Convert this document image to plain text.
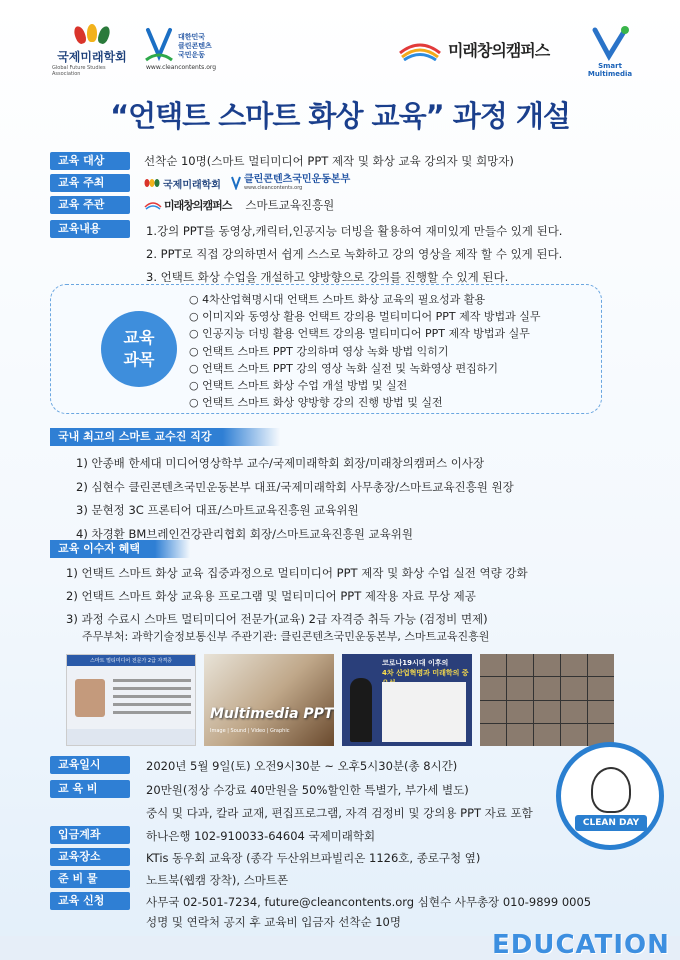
국제미래학회
Global Future Studies Association
대한민국
클린콘텐츠
국민운동
www.cleancontents.org
미래창의캠퍼스
Smart
Multimedia
“언택트 스마트 화상 교육” 과정 개설
교육 대상	선착순 10명(스마트 멀티미디어 PPT 제작 및 화상 교육 강의자 및 희망자)
교육 주최	국제미래학회 클린콘텐츠국민운동본부
www.cleancontents.org
교육 주관	미래창의캠퍼스 스마트교육진흥원
교육내용	1.강의 PPT를 동영상,캐릭터,인공지능 더빙을 활용하여 재미있게 만들수 있게 된다.
2. PPT로 직접 강의하면서 쉽게 스스로 녹화하고 강의 영상을 제작 할 수 있게 된다.
3. 언택트 화상 수업을 개설하고 양방향으로 강의를 진행할 수 있게 된다.
교육
과목
○ 4차산업혁명시대 언택트 스마트 화상 교육의 필요성과 활용
○ 이미지와 동영상 활용 언택트 강의용 멀티미디어 PPT 제작 방법과 실무
○ 인공지능 더빙 활용 언택트 강의용 멀티미디어 PPT 제작 방법과 실무
○ 언택트 스마트 PPT 강의하며 영상 녹화 방법 익히기
○ 언택트 스마트 PPT 강의 영상 녹화 실전 및 녹화영상 편집하기
○ 언택트 스마트 화상 수업 개설 방법 및 실전
○ 언택트 스마트 화상 양방향 강의 진행 방법 및 실전
국내 최고의 스마트 교수진 직강
1) 안종배 한세대 미디어영상학부 교수/국제미래학회 회장/미래창의캠퍼스 이사장
2) 심현수 클린콘텐츠국민운동본부 대표/국제미래학회 사무총장/스마트교육진흥원 원장
3) 문현정 3C 프론티어 대표/스마트교육진흥원 교육위원
4) 차경환 BM브레인건강관리협회 회장/스마트교육진흥원 교육위원
교육 이수자 혜택
1) 언택트 스마트 화상 교육 집중과정으로 멀티미디어 PPT 제작 및 화상 수업 실전 역량 강화
2) 언택트 스마트 화상 교육용 프로그램 및 멀티미디어 PPT 제작용 자료 무상 제공
3) 과정 수료시 스마트 멀티미디어 전문가(교육) 2급 자격증 취득 가능 (검정비 면제)
주무부처: 과학기술정보통신부 주관기관: 클린콘텐츠국민운동본부, 스마트교육진흥원
스마트 멀티미디어 전문가 2급 자격증
Multimedia PPT
Image | Sound | Video | Graphic
코로나19시대 이후의
4차 산업혁명과 미래학의 중
교육일시	2020년 5월 9일(토) 오전9시30분 ~ 오후5시30분(총 8시간)
교 육 비	20만원(정상 수강료 40만원을 50%할인한 특별가, 부가세 별도)
중식 및 다과, 칼라 교재, 편집프로그램, 자격 검정비 및 강의용 PPT 자료 포함
입금계좌	하나은행 102-910033-64604 국제미래학회
교육장소	KTis 동우회 교육장 (종각 두산위브파빌리온 1126호, 종로구청 옆)
준 비 물	노트북(웹캠 장착), 스마트폰
교육 신청	사무국 02-501-7234, future@cleancontents.org 심현수 사무총장 010-9899 0005
성명 및 연락처 공지 후 교육비 입금자 선착순 10명
CLEAN DAY
EDUCATION
